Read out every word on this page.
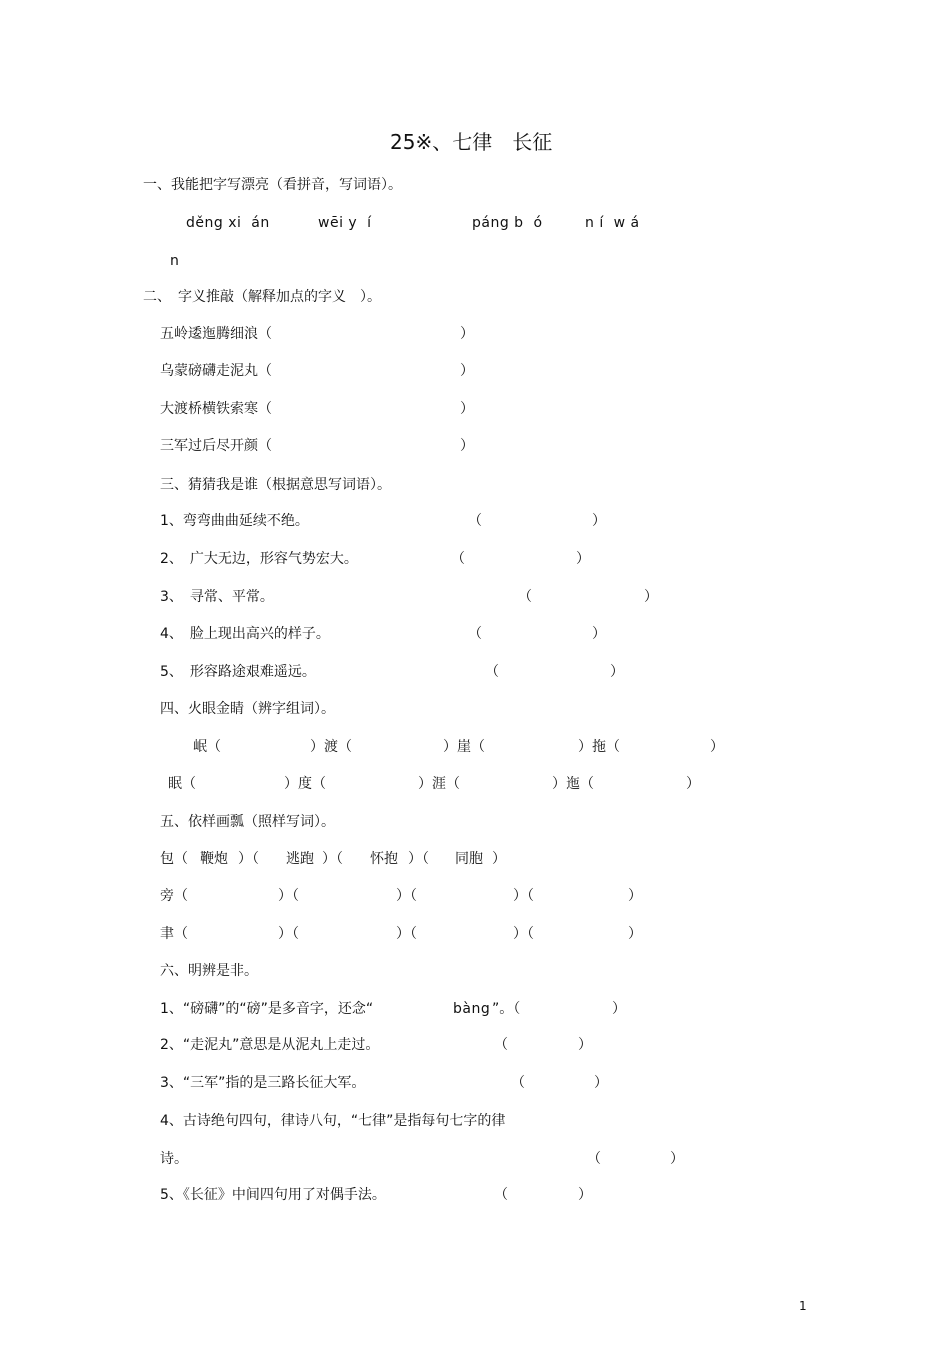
25※、七律　长征
一、我能把字写漂亮（看拼音，写词语）。
děng xi  án	wēi y  í	páng b  ó	n í  w á
n
二、　字义推敲（解释加点的字义　）。
五岭逶迤腾细浪（	）
乌蒙磅礴走泥丸（	）
大渡桥横铁索寒（	）
三军过后尽开颜（	）
三、猜猜我是谁（根据意思写词语）。
1、弯弯曲曲延续不绝。	（	）
2、　广大无边，形容气势宏大。	（	）
3、　寻常、平常。	（	）
4、　脸上现出高兴的样子。	（	）
5、　形容路途艰难遥远。	（	）
四、火眼金睛（辨字组词）。
岷（	）渡（	）崖（	）拖（	）
眠（	）度（	）涯（	）迤（	）
五、依样画瓢（照样写词）。
包（ 鞭炮 ）（ 逃跑 ）（ 怀抱 ）（ 同胞 ）
旁（	）（	）（	）（	）
聿（	）（	）（	）（	）
六、明辨是非。
1、“磅礴”的“磅”是多音字，还念“	bàng ”。（	）
2、“走泥丸”意思是从泥丸上走过。	（	）
3、“三军”指的是三路长征大军。	（	）
4、古诗绝句四句，律诗八句，“七律”是指每句七字的律
诗。	（	）
5、《长征》中间四句用了对偶手法。	（	）
1
